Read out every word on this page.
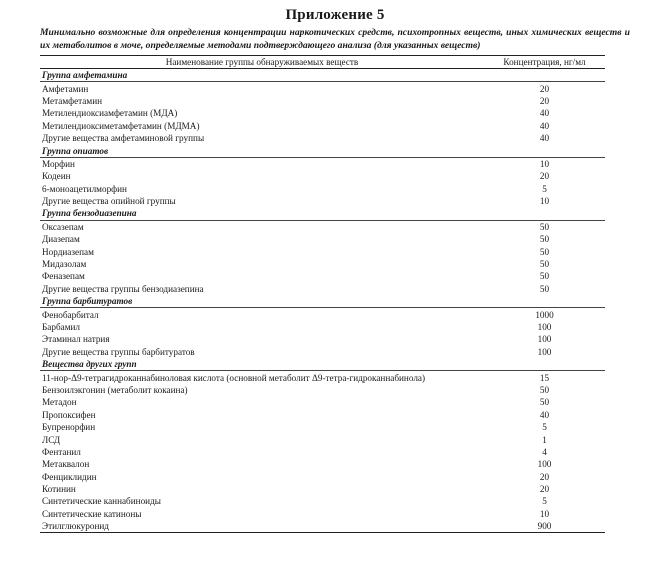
Приложение 5
Минимально возможные для определения концентрации наркотических средств, психотропных веществ, иных химических веществ и их метаболитов в моче, определяемые методами подтверждающего анализа (для указанных веществ)
Наименование группы обнаруживаемых веществ	Концентрация, нг/мл
Группа амфетамина	
Амфетамин	20
Метамфетамин	20
Метилендиоксиамфетамин (МДА)	40
Метилендиоксиметамфетамин (МДМА)	40
Другие вещества амфетаминовой группы	40
Группа опиатов	
Морфин	10
Кодеин	20
6-моноацетилморфин	5
Другие вещества опийной группы	10
Группа бензодиазепина	
Оксазепам	50
Диазепам	50
Нордиазепам	50
Мидазолам	50
Феназепам	50
Другие вещества группы бензодиазепина	50
Группа барбитуратов	
Фенобарбитал	1000
Барбамил	100
Этаминал натрия	100
Другие вещества группы барбитуратов	100
Вещества других групп	
11-нор-Δ9-тетрагидроканнабиноловая кислота (основной метаболит Δ9-тетра-гидроканнабинола)	15
Бензоилэкгонин (метаболит кокаина)	50
Метадон	50
Пропоксифен	40
Бупренорфин	5
ЛСД	1
Фентанил	4
Метаквалон	100
Фенциклидин	20
Котинин	20
Синтетические каннабиноиды	5
Синтетические катиноны	10
Этилглюкуронид	900
